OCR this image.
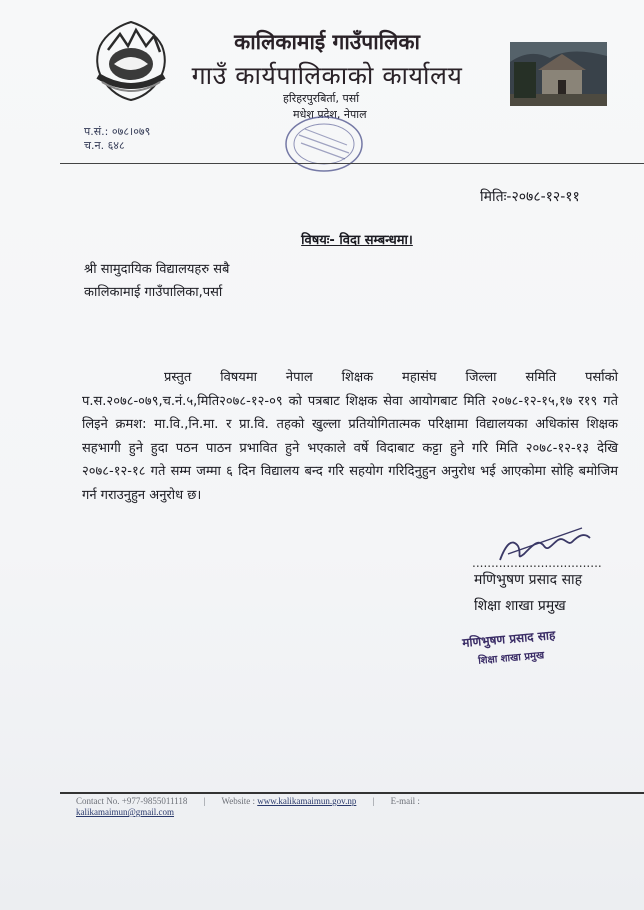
कालिकामाई गाउँपालिका
गाउँ कार्यपालिकाको कार्यालय
हरिहरपुरबिर्ता, पर्सा
मधेश प्रदेश, नेपाल
प.सं.: ०७८।०७९
च.न. ६४८
मितिः-२०७८-१२-११
विषयः- विदा सम्बन्धमा।
श्री सामुदायिक विद्यालयहरु सबै
कालिकामाई गाउँपालिका,पर्सा
प्रस्तुत विषयमा नेपाल शिक्षक महासंघ जिल्ला समिति पर्साको प.स.२०७८-०७९,च.नं.५,मिति२०७८-१२-०९ को पत्रबाट शिक्षक सेवा आयोगबाट मिति २०७८-१२-१५,१७ र१९ गते लिइने क्रमश: मा.वि.,नि.मा. र प्रा.वि. तहको खुल्ला प्रतियोगितात्मक परिक्षामा विद्यालयका अधिकांस शिक्षक सहभागी हुने हुदा पठन पाठन प्रभावित हुने भएकाले वर्षे विदाबाट कट्टा हुने गरि मिति २०७८-१२-१३ देखि २०७८-१२-१८ गते सम्म जम्मा ६ दिन विद्यालय बन्द गरि सहयोग गरिदिनुहुन अनुरोध भई आएकोमा सोहि बमोजिम गर्न गराउनुहुन अनुरोध छ।
..................................
मणिभुषण प्रसाद साह
शिक्षा शाखा प्रमुख
मणिभुषण प्रसाद साह
शिक्षा शाखा प्रमुख
Contact No. +977-9855011118 | Website : www.kalikamaimun.gov.np | E-mail :
kalikamaimun@gmail.com
